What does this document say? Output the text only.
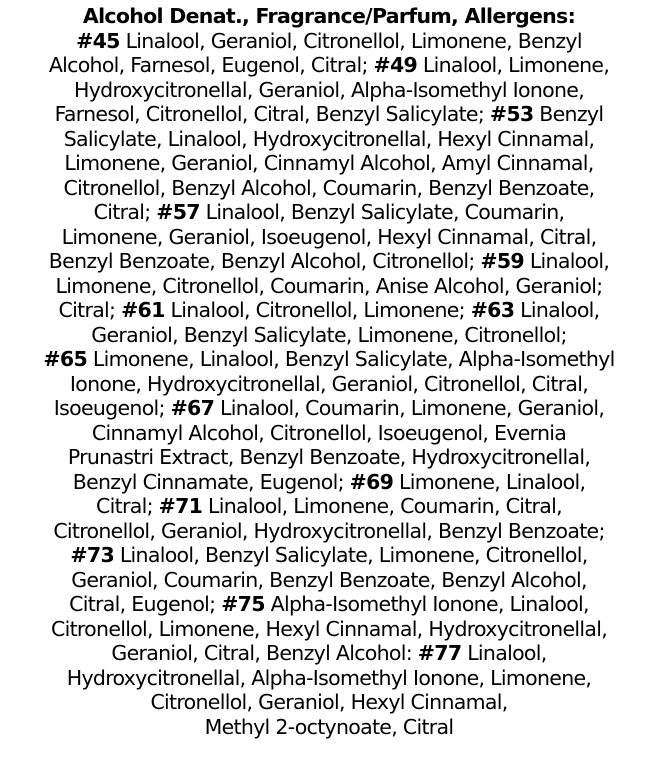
Alcohol Denat., Fragrance/Parfum, Allergens:
#45 Linalool, Geraniol, Citronellol, Limonene, Benzyl
Alcohol, Farnesol, Eugenol, Citral; #49 Linalool, Limonene,
Hydroxycitronellal, Geraniol, Alpha-Isomethyl Ionone,
Farnesol, Citronellol, Citral, Benzyl Salicylate; #53 Benzyl
Salicylate, Linalool, Hydroxycitronellal, Hexyl Cinnamal,
Limonene, Geraniol, Cinnamyl Alcohol, Amyl Cinnamal,
Citronellol, Benzyl Alcohol, Coumarin, Benzyl Benzoate,
Citral; #57 Linalool, Benzyl Salicylate, Coumarin,
Limonene, Geraniol, Isoeugenol, Hexyl Cinnamal, Citral,
Benzyl Benzoate, Benzyl Alcohol, Citronellol; #59 Linalool,
Limonene, Citronellol, Coumarin, Anise Alcohol, Geraniol;
Citral; #61 Linalool, Citronellol, Limonene; #63 Linalool,
Geraniol, Benzyl Salicylate, Limonene, Citronellol;
#65 Limonene, Linalool, Benzyl Salicylate, Alpha-Isomethyl
Ionone, Hydroxycitronellal, Geraniol, Citronellol, Citral,
Isoeugenol; #67 Linalool, Coumarin, Limonene, Geraniol,
Cinnamyl Alcohol, Citronellol, Isoeugenol, Evernia
Prunastri Extract, Benzyl Benzoate, Hydroxycitronellal,
Benzyl Cinnamate, Eugenol; #69 Limonene, Linalool,
Citral; #71 Linalool, Limonene, Coumarin, Citral,
Citronellol, Geraniol, Hydroxycitronellal, Benzyl Benzoate;
#73 Linalool, Benzyl Salicylate, Limonene, Citronellol,
Geraniol, Coumarin, Benzyl Benzoate, Benzyl Alcohol,
Citral, Eugenol; #75 Alpha-Isomethyl Ionone, Linalool,
Citronellol, Limonene, Hexyl Cinnamal, Hydroxycitronellal,
Geraniol, Citral, Benzyl Alcohol: #77 Linalool,
Hydroxycitronellal, Alpha-Isomethyl Ionone, Limonene,
Citronellol, Geraniol, Hexyl Cinnamal,
Methyl 2-octynoate, Citral
